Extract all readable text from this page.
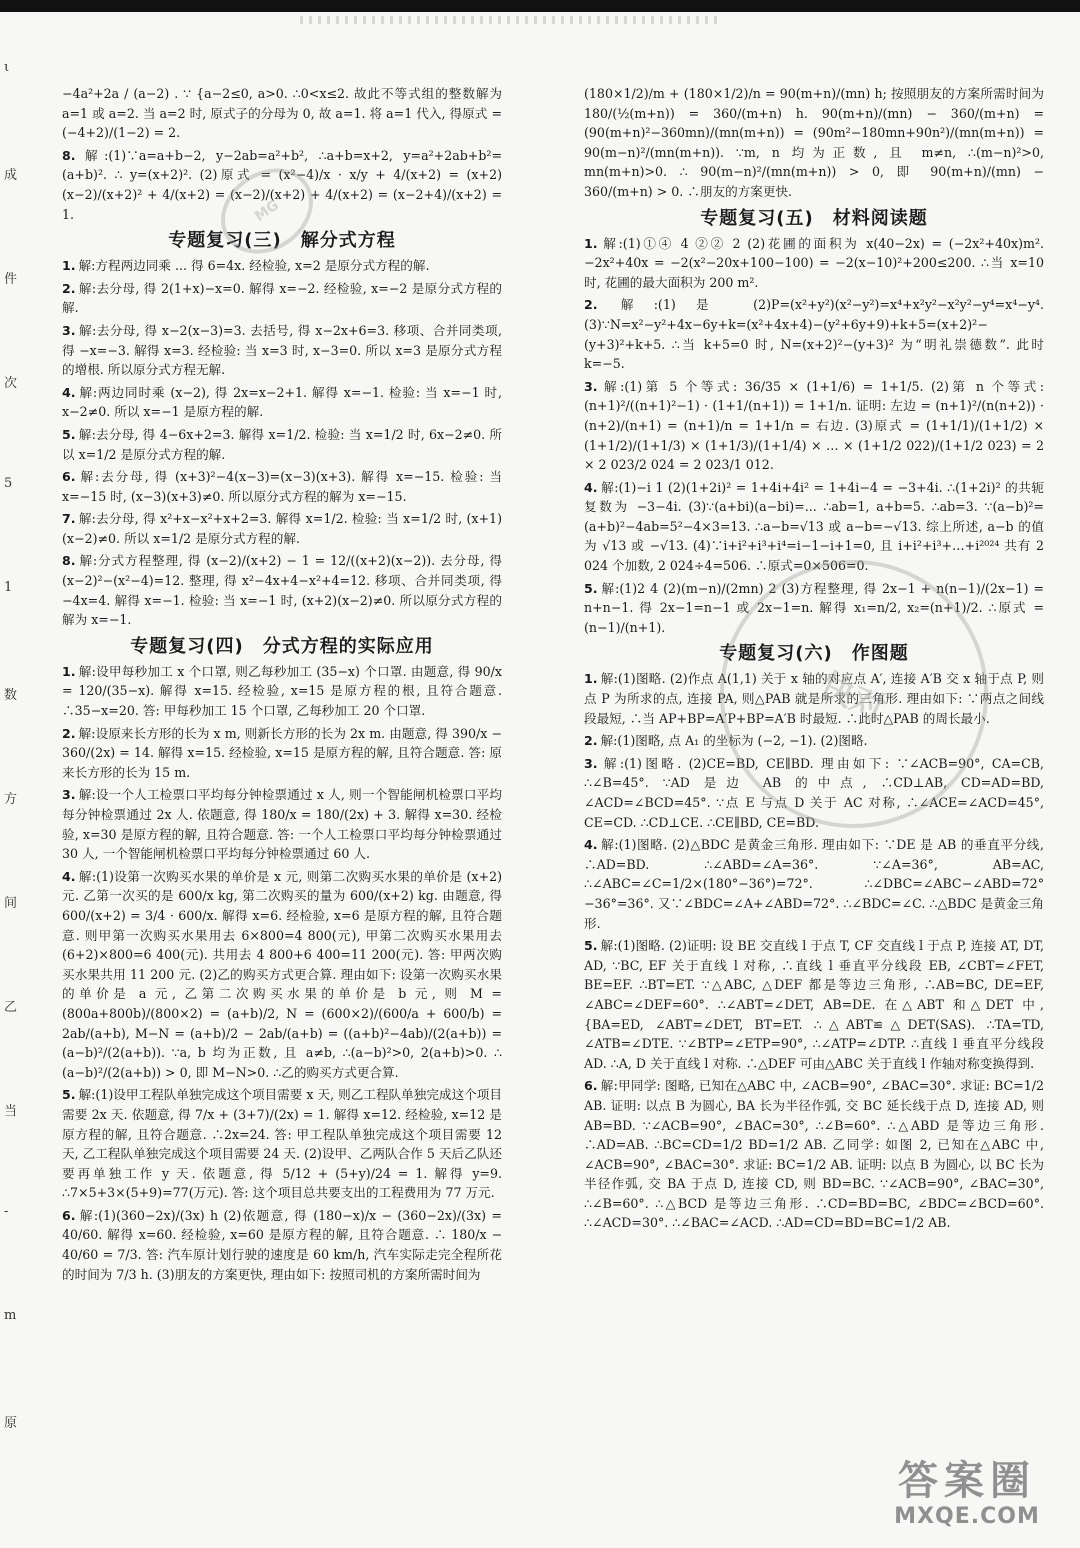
ι
成
件
次
5
1
数
方
间
乙
当
-
m
原
−4a²+2a / (a−2) . ∵ {a−2≤0, a>0. ∴0<x≤2. 故此不等式组的整数解为 a=1 或 a=2. 当 a=2 时, 原式子的分母为 0, 故 a=1. 将 a=1 代入, 得原式 = (−4+2)/(1−2) = 2.
8. 解:(1)∵a=a+b−2, y−2ab=a²+b², ∴a+b=x+2, y=a²+2ab+b²=(a+b)². ∴ y=(x+2)². (2)原式 = (x²−4)/x · x/y + 4/(x+2) = (x+2)(x−2)/(x+2)² + 4/(x+2) = (x−2)/(x+2) + 4/(x+2) = (x−2+4)/(x+2) = 1.
专题复习(三)　解分式方程
1. 解:方程两边同乘 ... 得 6=4x. 经检验, x=2 是原分式方程的解.
2. 解:去分母, 得 2(1+x)−x=0. 解得 x=−2. 经检验, x=−2 是原分式方程的解.
3. 解:去分母, 得 x−2(x−3)=3. 去括号, 得 x−2x+6=3. 移项、合并同类项, 得 −x=−3. 解得 x=3. 经检验: 当 x=3 时, x−3=0. 所以 x=3 是原分式方程的增根. 所以原分式方程无解.
4. 解:两边同时乘 (x−2), 得 2x=x−2+1. 解得 x=−1. 检验: 当 x=−1 时, x−2≠0. 所以 x=−1 是原方程的解.
5. 解:去分母, 得 4−6x+2=3. 解得 x=1/2. 检验: 当 x=1/2 时, 6x−2≠0. 所以 x=1/2 是原分式方程的解.
6. 解:去分母, 得 (x+3)²−4(x−3)=(x−3)(x+3). 解得 x=−15. 检验: 当 x=−15 时, (x−3)(x+3)≠0. 所以原分式方程的解为 x=−15.
7. 解:去分母, 得 x²+x−x²+x+2=3. 解得 x=1/2. 检验: 当 x=1/2 时, (x+1)(x−2)≠0. 所以 x=1/2 是原分式方程的解.
8. 解:分式方程整理, 得 (x−2)/(x+2) − 1 = 12/((x+2)(x−2)). 去分母, 得 (x−2)²−(x²−4)=12. 整理, 得 x²−4x+4−x²+4=12. 移项、合并同类项, 得 −4x=4. 解得 x=−1. 检验: 当 x=−1 时, (x+2)(x−2)≠0. 所以原分式方程的解为 x=−1.
专题复习(四)　分式方程的实际应用
1. 解:设甲每秒加工 x 个口罩, 则乙每秒加工 (35−x) 个口罩. 由题意, 得 90/x = 120/(35−x). 解得 x=15. 经检验, x=15 是原方程的根, 且符合题意. ∴35−x=20. 答: 甲每秒加工 15 个口罩, 乙每秒加工 20 个口罩.
2. 解:设原来长方形的长为 x m, 则新长方形的长为 2x m. 由题意, 得 390/x − 360/(2x) = 14. 解得 x=15. 经检验, x=15 是原方程的解, 且符合题意. 答: 原来长方形的长为 15 m.
3. 解:设一个人工检票口平均每分钟检票通过 x 人, 则一个智能闸机检票口平均每分钟检票通过 2x 人. 依题意, 得 180/x = 180/(2x) + 3. 解得 x=30. 经检验, x=30 是原方程的解, 且符合题意. 答: 一个人工检票口平均每分钟检票通过 30 人, 一个智能闸机检票口平均每分钟检票通过 60 人.
4. 解:(1)设第一次购买水果的单价是 x 元, 则第二次购买水果的单价是 (x+2) 元. 乙第一次买的是 600/x kg, 第二次购买的量为 600/(x+2) kg. 由题意, 得 600/(x+2) = 3/4 · 600/x. 解得 x=6. 经检验, x=6 是原方程的解, 且符合题意. 则甲第一次购买水果用去 6×800=4 800(元), 甲第二次购买水果用去 (6+2)×800=6 400(元). 共用去 4 800+6 400=11 200(元). 答: 甲两次购买水果共用 11 200 元. (2)乙的购买方式更合算. 理由如下: 设第一次购买水果的单价是 a 元, 乙第二次购买水果的单价是 b 元, 则 M = (800a+800b)/(800×2) = (a+b)/2, N = (600×2)/(600/a + 600/b) = 2ab/(a+b), M−N = (a+b)/2 − 2ab/(a+b) = ((a+b)²−4ab)/(2(a+b)) = (a−b)²/(2(a+b)). ∵a, b 均为正数, 且 a≠b, ∴(a−b)²>0, 2(a+b)>0. ∴ (a−b)²/(2(a+b)) > 0, 即 M−N>0. ∴乙的购买方式更合算.
5. 解:(1)设甲工程队单独完成这个项目需要 x 天, 则乙工程队单独完成这个项目需要 2x 天. 依题意, 得 7/x + (3+7)/(2x) = 1. 解得 x=12. 经检验, x=12 是原方程的解, 且符合题意. ∴2x=24. 答: 甲工程队单独完成这个项目需要 12 天, 乙工程队单独完成这个项目需要 24 天. (2)设甲、乙两队合作 5 天后乙队还要再单独工作 y 天. 依题意, 得 5/12 + (5+y)/24 = 1. 解得 y=9. ∴7×5+3×(5+9)=77(万元). 答: 这个项目总共要支出的工程费用为 77 万元.
6. 解:(1)(360−2x)/(3x) h (2)依题意, 得 (180−x)/x − (360−2x)/(3x) = 40/60. 解得 x=60. 经检验, x=60 是原方程的解, 且符合题意. ∴ 180/x − 40/60 = 7/3. 答: 汽车原计划行驶的速度是 60 km/h, 汽车实际走完全程所花的时间为 7/3 h. (3)朋友的方案更快, 理由如下: 按照司机的方案所需时间为
(180×1/2)/m + (180×1/2)/n = 90(m+n)/(mn) h; 按照朋友的方案所需时间为 180/(½(m+n)) = 360/(m+n) h. 90(m+n)/(mn) − 360/(m+n) = (90(m+n)²−360mn)/(mn(m+n)) = (90m²−180mn+90n²)/(mn(m+n)) = 90(m−n)²/(mn(m+n)). ∵m, n 均为正数, 且 m≠n, ∴(m−n)²>0, mn(m+n)>0. ∴ 90(m−n)²/(mn(m+n)) > 0, 即 90(m+n)/(mn) − 360/(m+n) > 0. ∴朋友的方案更快.
专题复习(五)　材料阅读题
1. 解:(1)①④ 4 ②② 2 (2)花圃的面积为 x(40−2x) = (−2x²+40x)m². −2x²+40x = −2(x²−20x+100−100) = −2(x−10)²+200≤200. ∴当 x=10 时, 花圃的最大面积为 200 m².
2. 解:(1)是 (2)P=(x²+y²)(x²−y²)=x⁴+x²y²−x²y²−y⁴=x⁴−y⁴. (3)∵N=x²−y²+4x−6y+k=(x²+4x+4)−(y²+6y+9)+k+5=(x+2)²−(y+3)²+k+5. ∴当 k+5=0 时, N=(x+2)²−(y+3)² 为“明礼崇德数”. 此时 k=−5.
3. 解:(1)第 5 个等式: 36/35 × (1+1/6) = 1+1/5. (2)第 n 个等式: (n+1)²/((n+1)²−1) · (1+1/(n+1)) = 1+1/n. 证明: 左边 = (n+1)²/(n(n+2)) · (n+2)/(n+1) = (n+1)/n = 1+1/n = 右边. (3)原式 = (1+1/1)/(1+1/2) × (1+1/2)/(1+1/3) × (1+1/3)/(1+1/4) × … × (1+1/2 022)/(1+1/2 023) = 2 × 2 023/2 024 = 2 023/1 012.
4. 解:(1)−i 1 (2)(1+2i)² = 1+4i+4i² = 1+4i−4 = −3+4i. ∴(1+2i)² 的共轭复数为 −3−4i. (3)∵(a+bi)(a−bi)=... ∴ab=1, a+b=5. ∴ab=3. ∵(a−b)²=(a+b)²−4ab=5²−4×3=13. ∴a−b=√13 或 a−b=−√13. 综上所述, a−b 的值为 √13 或 −√13. (4)∵i+i²+i³+i⁴=i−1−i+1=0, 且 i+i²+i³+…+i²⁰²⁴ 共有 2 024 个加数, 2 024÷4=506. ∴原式=0×506=0.
5. 解:(1)2 4 (2)(m−n)/(2mn) 2 (3)方程整理, 得 2x−1 + n(n−1)/(2x−1) = n+n−1. 得 2x−1=n−1 或 2x−1=n. 解得 x₁=n/2, x₂=(n+1)/2. ∴原式 = (n−1)/(n+1).
专题复习(六)　作图题
1. 解:(1)图略. (2)作点 A(1,1) 关于 x 轴的对应点 A′, 连接 A′B 交 x 轴于点 P, 则点 P 为所求的点, 连接 PA, 则△PAB 就是所求的三角形. 理由如下: ∵两点之间线段最短, ∴当 AP+BP=A′P+BP=A′B 时最短. ∴此时△PAB 的周长最小.
2. 解:(1)图略, 点 A₁ 的坐标为 (−2, −1). (2)图略.
3. 解:(1)图略. (2)CE=BD, CE∥BD. 理由如下: ∵∠ACB=90°, CA=CB, ∴∠B=45°. ∵AD 是边 AB 的中点, ∴CD⊥AB, CD=AD=BD, ∠ACD=∠BCD=45°. ∵点 E 与点 D 关于 AC 对称, ∴∠ACE=∠ACD=45°, CE=CD. ∴CD⊥CE. ∴CE∥BD, CE=BD.
4. 解:(1)图略. (2)△BDC 是黄金三角形. 理由如下: ∵DE 是 AB 的垂直平分线, ∴AD=BD. ∴∠ABD=∠A=36°. ∵∠A=36°, AB=AC, ∴∠ABC=∠C=1/2×(180°−36°)=72°. ∴∠DBC=∠ABC−∠ABD=72°−36°=36°. 又∵∠BDC=∠A+∠ABD=72°. ∴∠BDC=∠C. ∴△BDC 是黄金三角形.
5. 解:(1)图略. (2)证明: 设 BE 交直线 l 于点 T, CF 交直线 l 于点 P, 连接 AT, DT, AD, ∵BC, EF 关于直线 l 对称, ∴直线 l 垂直平分线段 EB, ∠CBT=∠FET, BE=EF. ∴BT=ET. ∵△ABC, △DEF 都是等边三角形, ∴AB=BC, DE=EF, ∠ABC=∠DEF=60°. ∴∠ABT=∠DET, AB=DE. 在△ABT 和△DET 中, {BA=ED, ∠ABT=∠DET, BT=ET. ∴△ABT≌△DET(SAS). ∴TA=TD, ∠ATB=∠DTE. ∵∠BTP=∠ETP=90°, ∴∠ATP=∠DTP. ∴直线 l 垂直平分线段 AD. ∴A, D 关于直线 l 对称. ∴△DEF 可由△ABC 关于直线 l 作轴对称变换得到.
6. 解:甲同学: 图略, 已知在△ABC 中, ∠ACB=90°, ∠BAC=30°. 求证: BC=1/2 AB. 证明: 以点 B 为圆心, BA 长为半径作弧, 交 BC 延长线于点 D, 连接 AD, 则 AB=BD. ∵∠ACB=90°, ∠BAC=30°, ∴∠B=60°. ∴△ABD 是等边三角形. ∴AD=AB. ∴BC=CD=1/2 BD=1/2 AB. 乙同学: 如图 2, 已知在△ABC 中, ∠ACB=90°, ∠BAC=30°. 求证: BC=1/2 AB. 证明: 以点 B 为圆心, 以 BC 长为半径作弧, 交 BA 于点 D, 连接 CD, 则 BD=BC. ∵∠ACB=90°, ∠BAC=30°, ∴∠B=60°. ∴△BCD 是等边三角形. ∴CD=BD=BC, ∠BDC=∠BCD=60°. ∴∠ACD=30°. ∴∠BAC=∠ACD. ∴AD=CD=BD=BC=1/2 AB.
MG
快对
答案圈
MXQE.COM
